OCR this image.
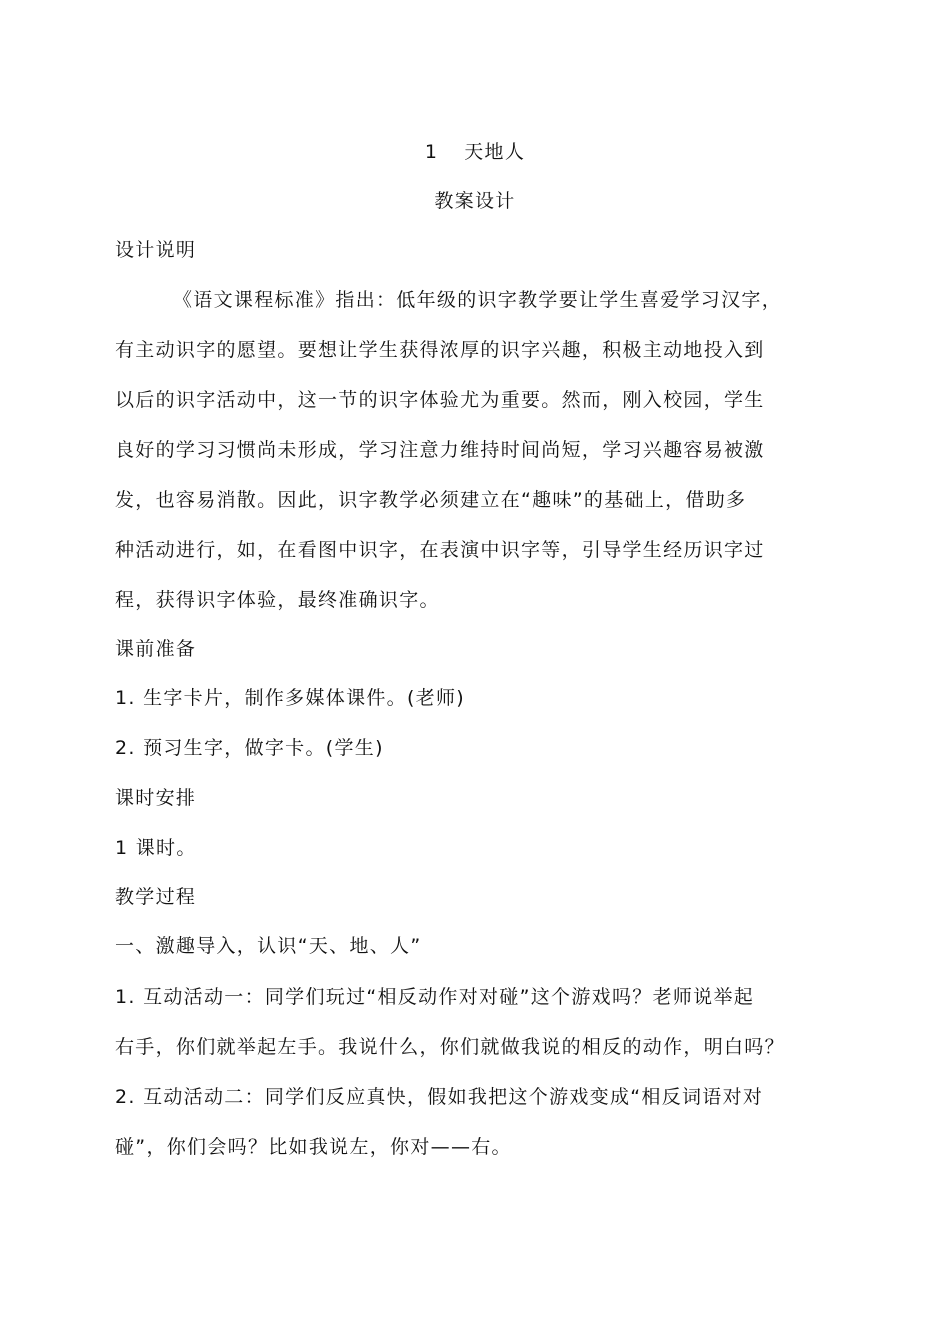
1 天地人
教案设计
设计说明
《语文课程标准》指出：低年级的识字教学要让学生喜爱学习汉字，
有主动识字的愿望。要想让学生获得浓厚的识字兴趣，积极主动地投入到
以后的识字活动中，这一节的识字体验尤为重要。然而，刚入校园，学生
良好的学习习惯尚未形成，学习注意力维持时间尚短，学习兴趣容易被激
发，也容易消散。因此，识字教学必须建立在“趣味”的基础上，借助多
种活动进行，如，在看图中识字，在表演中识字等，引导学生经历识字过
程，获得识字体验，最终准确识字。
课前准备
1. 生字卡片，制作多媒体课件。(老师)
2. 预习生字，做字卡。(学生)
课时安排
1 课时。
教学过程
一、激趣导入，认识“天、地、人”
1. 互动活动一：同学们玩过“相反动作对对碰”这个游戏吗？老师说举起
右手，你们就举起左手。我说什么，你们就做我说的相反的动作，明白吗？
2. 互动活动二：同学们反应真快，假如我把这个游戏变成“相反词语对对
碰”，你们会吗？比如我说左，你对——右。
